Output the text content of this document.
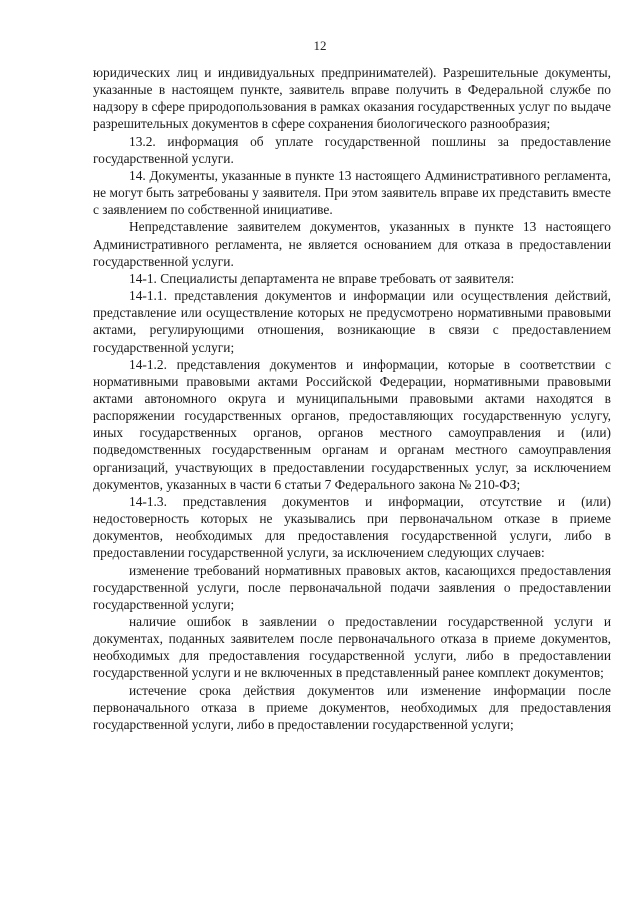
12

юридических лиц и индивидуальных предпринимателей). Разрешительные документы, указанные в настоящем пункте, заявитель вправе получить в Федеральной службе по надзору в сфере природопользования в рамках оказания государственных услуг по выдаче разрешительных документов в сфере сохранения биологического разнообразия;

13.2. информация об уплате государственной пошлины за предоставление государственной услуги.

14. Документы, указанные в пункте 13 настоящего Административного регламента, не могут быть затребованы у заявителя. При этом заявитель вправе их представить вместе с заявлением по собственной инициативе.

Непредставление заявителем документов, указанных в пункте 13 настоящего Административного регламента, не является основанием для отказа в предоставлении государственной услуги.

14-1. Специалисты департамента не вправе требовать от заявителя:

14-1.1. представления документов и информации или осуществления действий, представление или осуществление которых не предусмотрено нормативными правовыми актами, регулирующими отношения, возникающие в связи с предоставлением государственной услуги;

14-1.2. представления документов и информации, которые в соответствии с нормативными правовыми актами Российской Федерации, нормативными правовыми актами автономного округа и муниципальными правовыми актами находятся в распоряжении государственных органов, предоставляющих государственную услугу, иных государственных органов, органов местного самоуправления и (или) подведомственных государственным органам и органам местного самоуправления организаций, участвующих в предоставлении государственных услуг, за исключением документов, указанных в части 6 статьи 7 Федерального закона № 210-ФЗ;

14-1.3. представления документов и информации, отсутствие и (или) недостоверность которых не указывались при первоначальном отказе в приеме документов, необходимых для предоставления государственной услуги, либо в предоставлении государственной услуги, за исключением следующих случаев:

изменение требований нормативных правовых актов, касающихся предоставления государственной услуги, после первоначальной подачи заявления о предоставлении государственной услуги;

наличие ошибок в заявлении о предоставлении государственной услуги и документах, поданных заявителем после первоначального отказа в приеме документов, необходимых для предоставления государственной услуги, либо в предоставлении государственной услуги и не включенных в представленный ранее комплект документов;

истечение срока действия документов или изменение информации после первоначального отказа в приеме документов, необходимых для предоставления государственной услуги, либо в предоставлении государственной услуги;
